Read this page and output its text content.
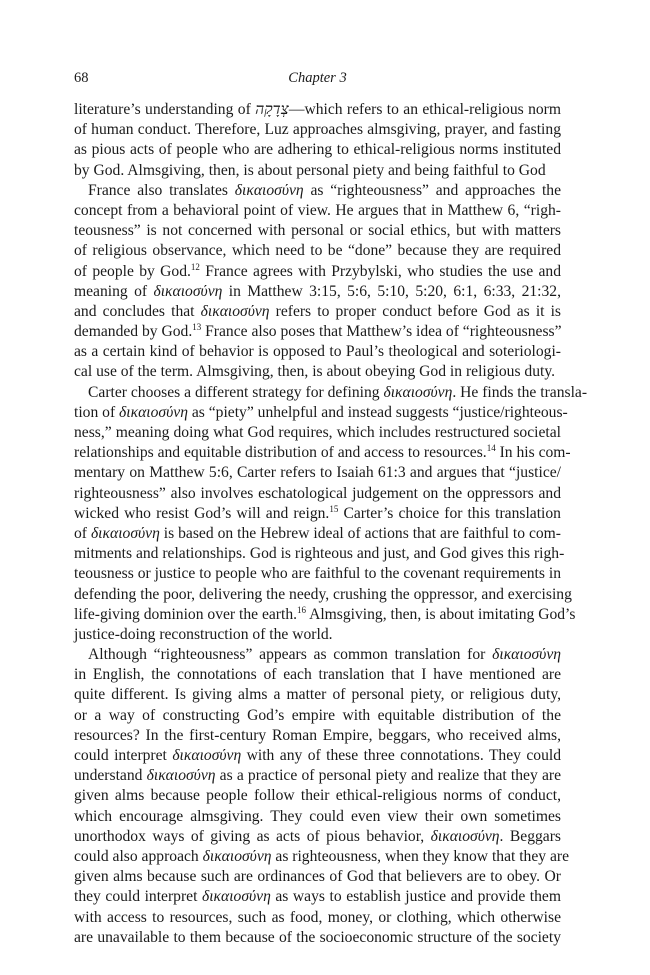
68	Chapter 3
literature’s understanding of צְדָקָה—which refers to an ethical-religious norm
of human conduct. Therefore, Luz approaches almsgiving, prayer, and fasting
as pious acts of people who are adhering to ethical-religious norms instituted
by God. Almsgiving, then, is about personal piety and being faithful to God
France also translates δικαιοσύνη as “righteousness” and approaches the
concept from a behavioral point of view. He argues that in Matthew 6, “righ-
teousness” is not concerned with personal or social ethics, but with matters
of religious observance, which need to be “done” because they are required
of people by God.$^{12}$ France agrees with Przybylski, who studies the use and
meaning of δικαιοσύνη in Matthew 3:15, 5:6, 5:10, 5:20, 6:1, 6:33, 21:32,
and concludes that δικαιοσύνη refers to proper conduct before God as it is
demanded by God.$^{13}$ France also poses that Matthew’s idea of “righteousness”
as a certain kind of behavior is opposed to Paul’s theological and soteriologi-
cal use of the term. Almsgiving, then, is about obeying God in religious duty.
Carter chooses a different strategy for defining δικαιοσύνη. He finds the transla-
tion of δικαιοσύνη as “piety” unhelpful and instead suggests “justice/righteous-
ness,” meaning doing what God requires, which includes restructured societal
relationships and equitable distribution of and access to resources.$^{14}$ In his com-
mentary on Matthew 5:6, Carter refers to Isaiah 61:3 and argues that “justice/
righteousness” also involves eschatological judgement on the oppressors and
wicked who resist God’s will and reign.$^{15}$ Carter’s choice for this translation
of δικαιοσύνη is based on the Hebrew ideal of actions that are faithful to com-
mitments and relationships. God is righteous and just, and God gives this righ-
teousness or justice to people who are faithful to the covenant requirements in
defending the poor, delivering the needy, crushing the oppressor, and exercising
life-giving dominion over the earth.$^{16}$ Almsgiving, then, is about imitating God’s
justice-doing reconstruction of the world.
Although “righteousness” appears as common translation for δικαιοσύνη
in English, the connotations of each translation that I have mentioned are
quite different. Is giving alms a matter of personal piety, or religious duty,
or a way of constructing God’s empire with equitable distribution of the
resources? In the first-century Roman Empire, beggars, who received alms,
could interpret δικαιοσύνη with any of these three connotations. They could
understand δικαιοσύνη as a practice of personal piety and realize that they are
given alms because people follow their ethical-religious norms of conduct,
which encourage almsgiving. They could even view their own sometimes
unorthodox ways of giving as acts of pious behavior, δικαιοσύνη. Beggars
could also approach δικαιοσύνη as righteousness, when they know that they are
given alms because such are ordinances of God that believers are to obey. Or
they could interpret δικαιοσύνη as ways to establish justice and provide them
with access to resources, such as food, money, or clothing, which otherwise
are unavailable to them because of the socioeconomic structure of the society
